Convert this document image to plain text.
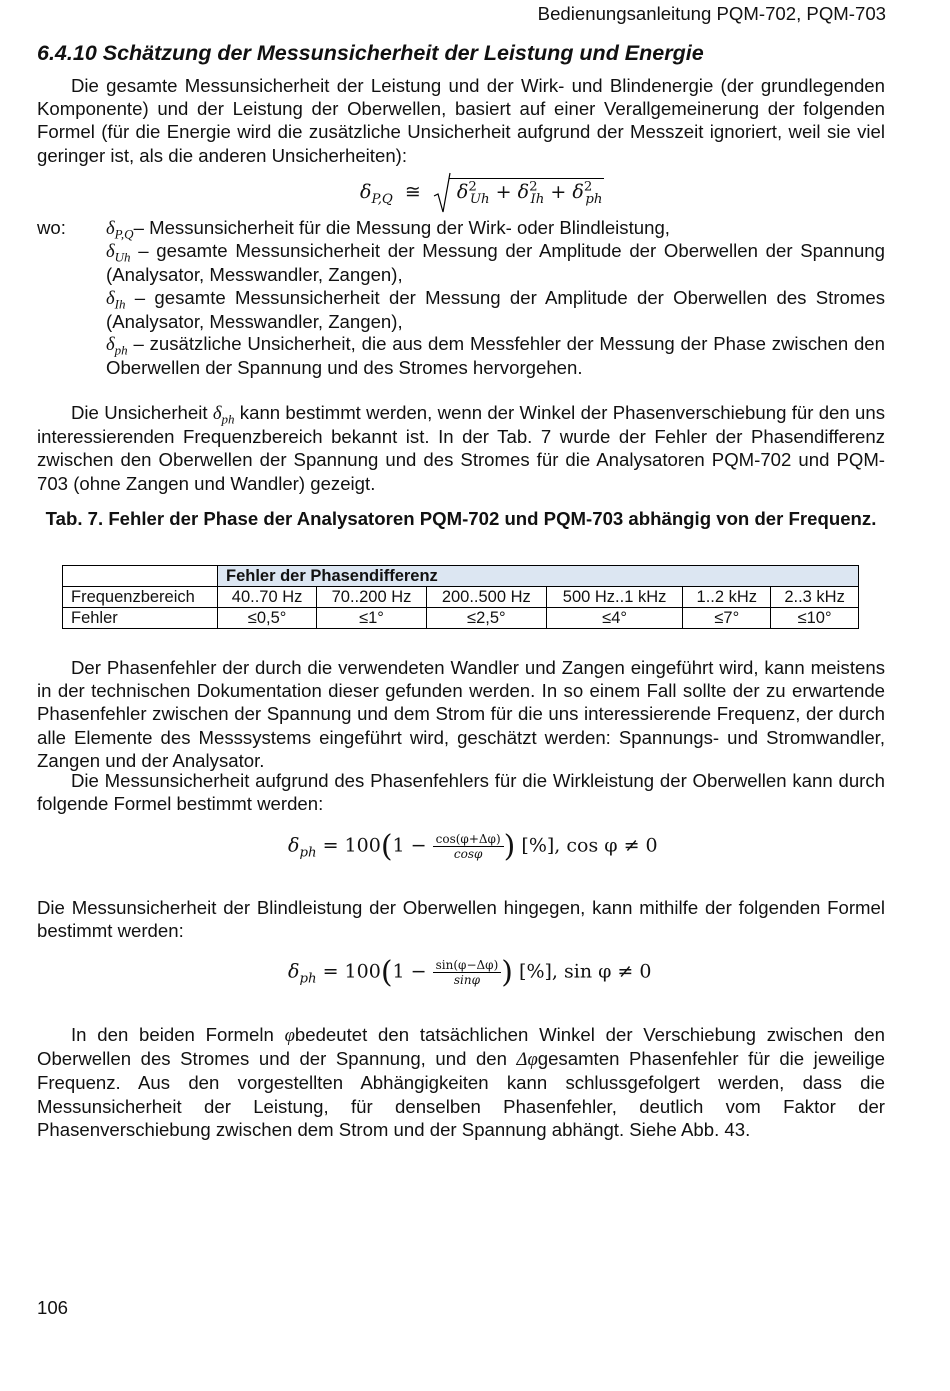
Bedienungsanleitung PQM-702, PQM-703
6.4.10 Schätzung der Messunsicherheit der Leistung und Energie
Die gesamte Messunsicherheit der Leistung und der Wirk- und Blindenergie (der grundlegenden Komponente) und der Leistung der Oberwellen, basiert auf einer Verallgemeinerung der folgenden Formel (für die Energie wird die zusätzliche Unsicherheit aufgrund der Messzeit ignoriert, weil sie viel geringer ist, als die anderen Unsicherheiten):
$\delta_{P,Q}$ ≅ $\delta^2_{Uh} + \delta^2_{Ih} + \delta^2_{ph}$
wo: $\delta_{P,Q}-$ Messunsicherheit für die Messung der Wirk- oder Blindleistung,
$\delta_{Uh}$ – gesamte Messunsicherheit der Messung der Amplitude der Oberwellen der Spannung (Analysator, Messwandler, Zangen),
$\delta_{Ih}$ – gesamte Messunsicherheit der Messung der Amplitude der Oberwellen des Stromes (Analysator, Messwandler, Zangen),
$\delta_{ph}$ – zusätzliche Unsicherheit, die aus dem Messfehler der Messung der Phase zwischen den Oberwellen der Spannung und des Stromes hervorgehen.
Die Unsicherheit $\delta_{ph}$ kann bestimmt werden, wenn der Winkel der Phasenverschiebung für den uns interessierenden Frequenzbereich bekannt ist. In der Tab. 7 wurde der Fehler der Phasendifferenz zwischen den Oberwellen der Spannung und des Stromes für die Analysatoren PQM-702 und PQM-703 (ohne Zangen und Wandler) gezeigt.
Tab. 7. Fehler der Phase der Analysatoren PQM-702 und PQM-703 abhängig von der Frequenz.
	Fehler der Phasendifferenz					
Frequenzbereich	40..70 Hz	70..200 Hz	200..500 Hz	500 Hz..1 kHz	1..2 kHz	2..3 kHz
Fehler	≤0,5°	≤1°	≤2,5°	≤4°	≤7°	≤10°
Der Phasenfehler der durch die verwendeten Wandler und Zangen eingeführt wird, kann meistens in der technischen Dokumentation dieser gefunden werden. In so einem Fall sollte der zu erwartende Phasenfehler zwischen der Spannung und dem Strom für die uns interessierende Frequenz, der durch alle Elemente des Messsystems eingeführt wird, geschätzt werden: Spannungs- und Stromwandler, Zangen und der Analysator.
Die Messunsicherheit aufgrund des Phasenfehlers für die Wirkleistung der Oberwellen kann durch folgende Formel bestimmt werden:
$\delta_{ph} = 100(1 - \frac{\cos(\varphi+\Delta\varphi)}{\cos\varphi}$ ) [%], cos φ ≠ 0
Die Messunsicherheit der Blindleistung der Oberwellen hingegen, kann mithilfe der folgenden Formel bestimmt werden:
$\delta_{ph} = 100(1 - \frac{\sin(\varphi-\Delta\varphi)}{\sin\varphi}$ ) [%], sin φ ≠ 0
In den beiden Formeln φbedeutet den tatsächlichen Winkel der Verschiebung zwischen den Oberwellen des Stromes und der Spannung, und den Δφgesamten Phasenfehler für die jeweilige Frequenz. Aus den vorgestellten Abhängigkeiten kann schlussgefolgert werden, dass die Messunsicherheit der Leistung, für denselben Phasenfehler, deutlich vom Faktor der Phasenverschiebung zwischen dem Strom und der Spannung abhängt. Siehe Abb. 43.
106
